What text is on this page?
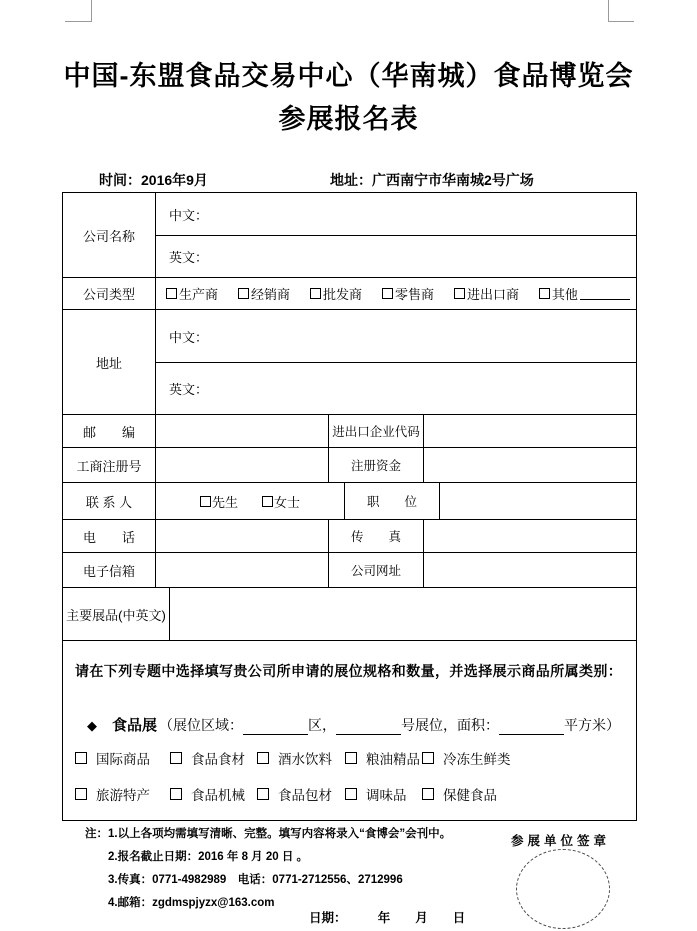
中国-东盟食品交易中心（华南城）食品博览会
参展报名表
时间：2016年9月	地址：广西南宁市华南城2号广场
公司名称
中文：
英文：
公司类型	生产商	经销商	批发商	零售商	进出口商	其他
地址
中文：
英文：
邮　　编	进出口企业代码
工商注册号	注册资金
联 系 人	先生	女士	职　　位
电　　话	传　　真
电子信箱	公司网址
主要展品(中英文)

请在下列专题中选择填写贵公司所申请的展位规格和数量，并选择展示商品所属类别：

◆ 食品展 （展位区域：	区，	号展位，面积：	平方米）
国际商品	食品食材 酒水饮料	粮油精品 冷冻生鲜类
旅游特产	食品机械 食品包材	调味品	保健食品
注：1.以上各项均需填写清晰、完整。填写内容将录入“食博会”会刊中。
2.报名截止日期：2016 年 8 月 20 日 。
3.传真：0771-4982989　电话：0771-2712556、2712996
4.邮箱：zgdmspjyzx@163.com
参展单位签章
日期：　　　年　　月　　日
